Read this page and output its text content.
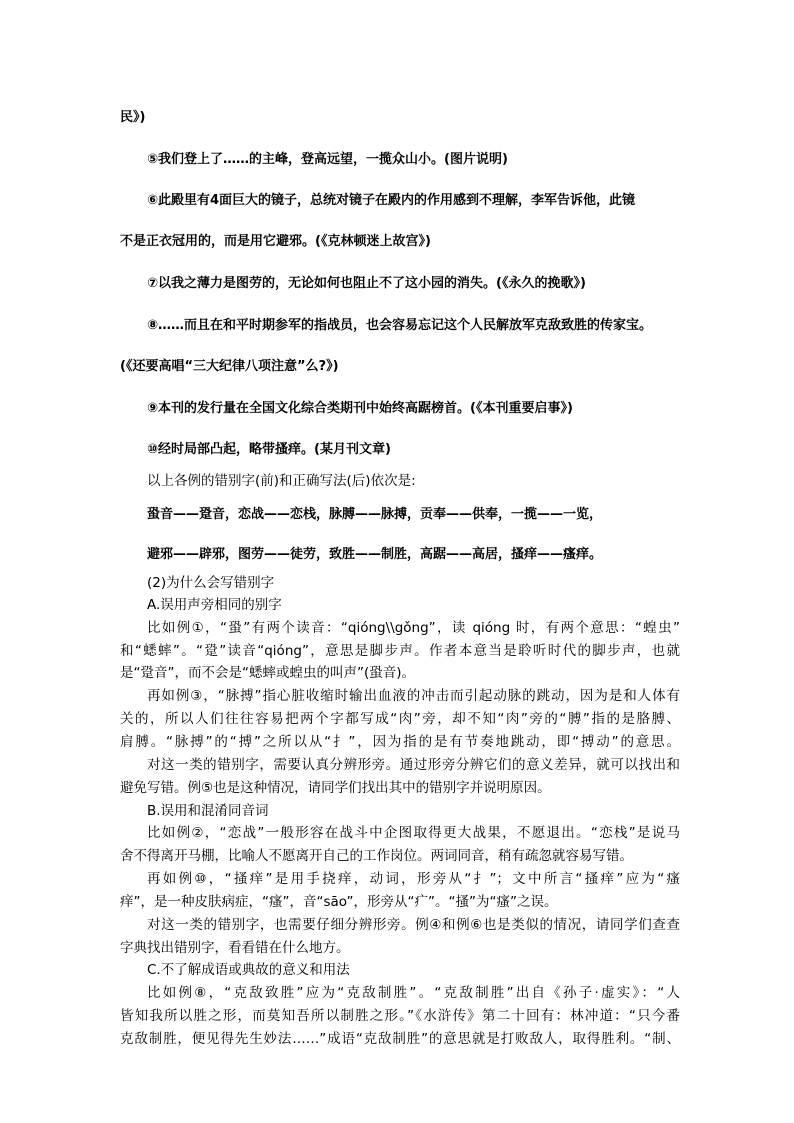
民》)
⑤我们登上了……的主峰，登高远望，一揽众山小。(图片说明)
⑥此殿里有4面巨大的镜子，总统对镜子在殿内的作用感到不理解，李军告诉他，此镜
不是正衣冠用的，而是用它避邪。(《克林顿迷上故宫》)
⑦以我之薄力是图劳的，无论如何也阻止不了这小园的消失。(《永久的挽歌》)
⑧……而且在和平时期参军的指战员，也会容易忘记这个人民解放军克敌致胜的传家宝。
(《还要高唱“三大纪律八项注意”么?》)
⑨本刊的发行量在全国文化综合类期刊中始终高踞榜首。(《本刊重要启事》)
⑩经时局部凸起，略带搔痒。(某月刊文章)
以上各例的错别字(前)和正确写法(后)依次是:
蛩音——跫音，恋战——恋栈，脉膊——脉搏，贡奉——供奉，一揽——一览，
避邪——辟邪，图劳——徒劳，致胜——制胜，高踞——高居，搔痒——瘙痒。
(2)为什么会写错别字
A.误用声旁相同的别字
比如例①，“蛩”有两个读音：“qióng\\gǒng”，读 qióng 时，有两个意思：“蝗虫”
和“蟋蟀”。“跫”读音“qióng”，意思是脚步声。作者本意当是聆听时代的脚步声，也就
是“跫音”，而不会是“蟋蟀或蝗虫的叫声”(蛩音)。
再如例③，“脉搏”指心脏收缩时输出血液的冲击而引起动脉的跳动，因为是和人体有
关的，所以人们往往容易把两个字都写成“肉”旁，却不知“肉”旁的“膊”指的是胳膊、
肩膊。“脉搏”的“搏”之所以从“扌”，因为指的是有节奏地跳动，即“搏动”的意思。
对这一类的错别字，需要认真分辨形旁。通过形旁分辨它们的意义差异，就可以找出和
避免写错。例⑤也是这种情况，请同学们找出其中的错别字并说明原因。
B.误用和混淆同音词
比如例②，“恋战”一般形容在战斗中企图取得更大战果，不愿退出。“恋栈”是说马
舍不得离开马棚，比喻人不愿离开自己的工作岗位。两词同音，稍有疏忽就容易写错。
再如例⑩，“搔痒”是用手挠痒，动词，形旁从“扌”；文中所言“搔痒”应为“瘙
痒”，是一种皮肤病症，“瘙”，音“sāo”，形旁从“疒”。“搔”为“瘙”之误。
对这一类的错别字，也需要仔细分辨形旁。例④和例⑥也是类似的情况，请同学们查查
字典找出错别字，看看错在什么地方。
C.不了解成语或典故的意义和用法
比如例⑧，“克敌致胜”应为“克敌制胜”。“克敌制胜”出自《孙子·虚实》：“人
皆知我所以胜之形，而莫知吾所以制胜之形。”《水浒传》第二十回有：林冲道：“只今番
克敌制胜，便见得先生妙法……”成语“克敌制胜”的意思就是打败敌人，取得胜利。“制、
